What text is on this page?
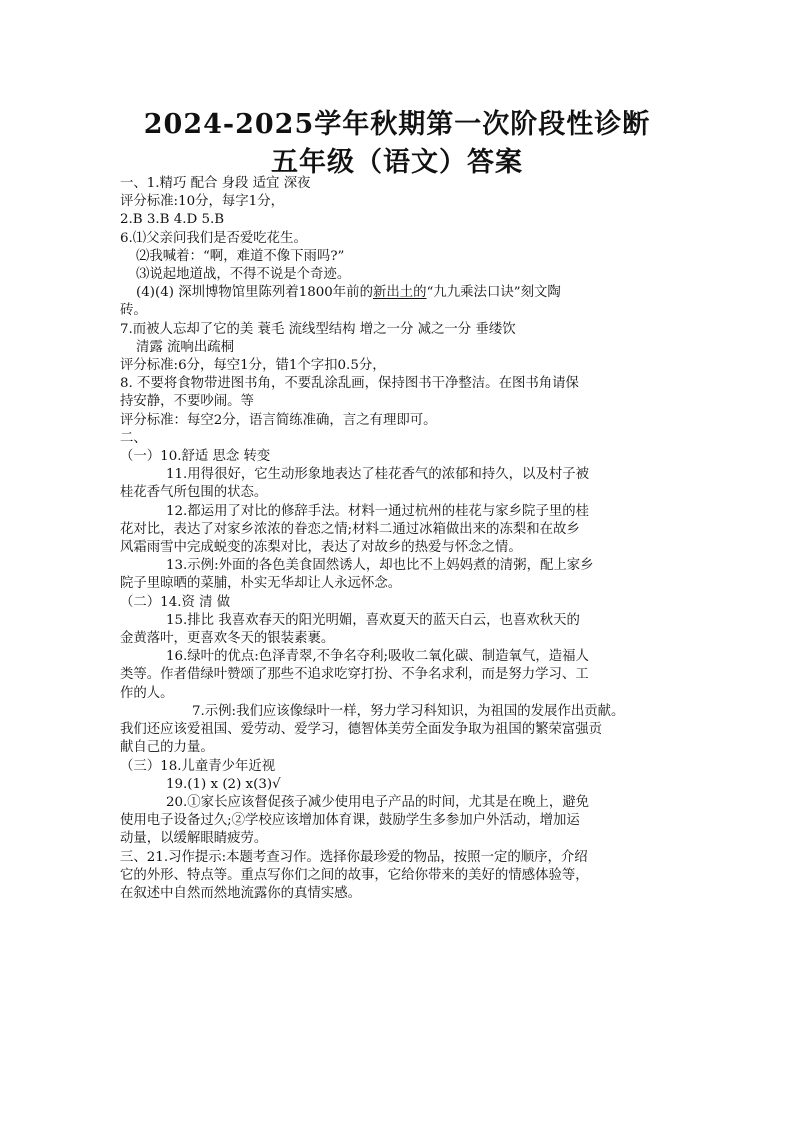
2024-2025学年秋期第一次阶段性诊断
五年级（语文）答案

一、1.精巧 配合 身段 适宜 深夜

评分标准:10分，每字1分，

2.B 3.B 4.D 5.B

6.⑴父亲问我们是否爱吃花生。

⑵我喊着：“啊，难道不像下雨吗?”

⑶说起地道战，不得不说是个奇迹。

(4)(4) 深圳博物馆里陈列着1800年前的新出土的“九九乘法口诀”刻文陶

砖。

7.而被人忘却了它的美 蓑毛 流线型结构 增之一分 减之一分 垂缕饮

清露 流响出疏桐

评分标准:6分，每空1分，错1个字扣0.5分，

8. 不要将食物带进图书角，不要乱涂乱画，保持图书干净整洁。在图书角请保

持安静，不要吵闹。等

评分标准：每空2分，语言简练准确，言之有理即可。

二、

（一）10.舒适 思念 转变

11.用得很好，它生动形象地表达了桂花香气的浓郁和持久，以及村子被

桂花香气所包围的状态。

12.都运用了对比的修辞手法。材料一通过杭州的桂花与家乡院子里的桂

花对比，表达了对家乡浓浓的眷恋之情;材料二通过冰箱做出来的冻梨和在故乡

风霜雨雪中完成蜕变的冻梨对比，表达了对故乡的热爱与怀念之情。

13.示例:外面的各色美食固然诱人，却也比不上妈妈煮的清粥，配上家乡

院子里晾晒的菜脯，朴实无华却让人永远怀念。

（二）14.资 清 做

15.排比 我喜欢春天的阳光明媚，喜欢夏天的蓝天白云，也喜欢秋天的

金黄落叶，更喜欢冬天的银装素裹。

16.绿叶的优点:色泽青翠,不争名夺利;吸收二氧化碳、制造氧气，造福人

类等。作者借绿叶赞颂了那些不追求吃穿打扮、不争名求利，而是努力学习、工

作的人。

7.示例:我们应该像绿叶一样，努力学习科知识，为祖国的发展作出贡献。

我们还应该爱祖国、爱劳动、爱学习，德智体美劳全面发争取为祖国的繁荣富强贡

献自己的力量。

（三）18.儿童青少年近视

19.(1) x (2) x(3)√

20.①家长应该督促孩子减少使用电子产品的时间，尤其是在晚上，避免

使用电子设备过久;②学校应该增加体育课，鼓励学生多参加户外活动，增加运

动量，以缓解眼睛疲劳。

三、21.习作提示:本题考查习作。选择你最珍爱的物品，按照一定的顺序，介绍

它的外形、特点等。重点写你们之间的故事，它给你带来的美好的情感体验等，

在叙述中自然而然地流露你的真情实感。
